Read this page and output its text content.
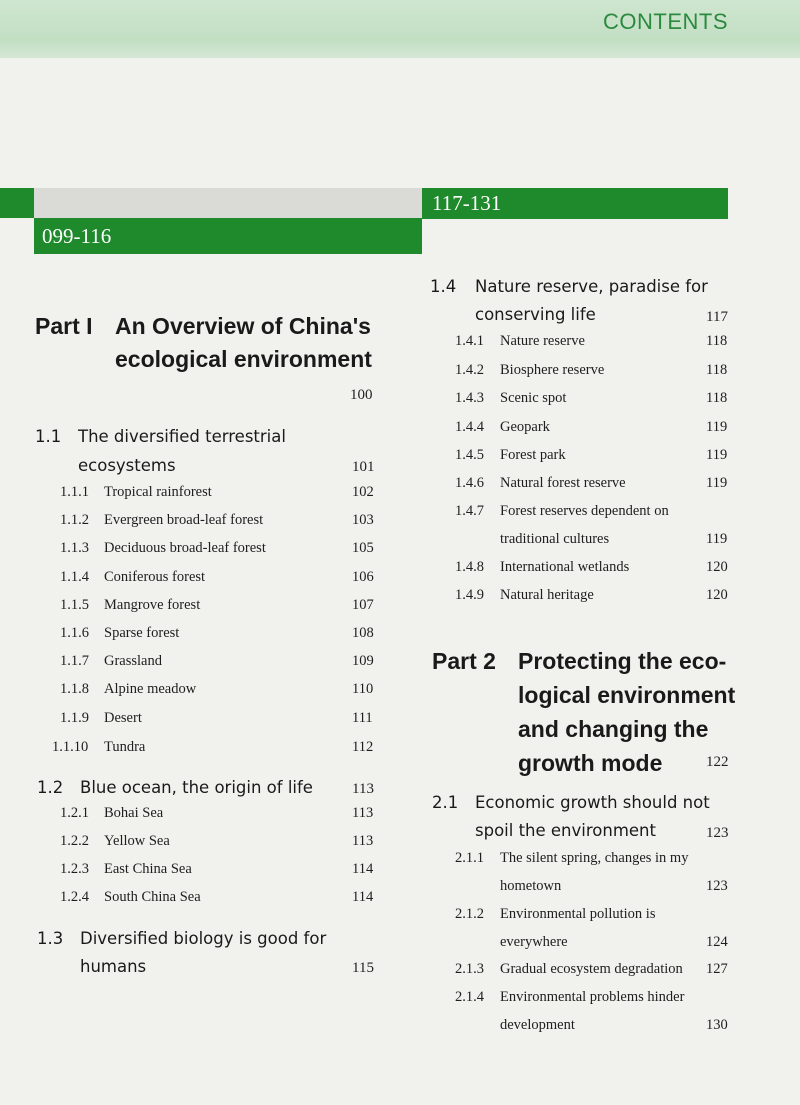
CONTENTS
099-116
117-131
Part I An Overview of China's
ecological environment
100
1.1 The diversified terrestrial
ecosystems	101
1.1.1 Tropical rainforest	102
1.1.2 Evergreen broad-leaf forest	103
1.1.3 Deciduous broad-leaf forest	105
1.1.4 Coniferous forest	106
1.1.5 Mangrove forest	107
1.1.6 Sparse forest	108
1.1.7 Grassland	109
1.1.8 Alpine meadow	110
1.1.9 Desert	111
1.1.10 Tundra	112
1.2 Blue ocean, the origin of life	113
1.2.1 Bohai Sea	113
1.2.2 Yellow Sea	113
1.2.3 East China Sea	114
1.2.4 South China Sea	114
1.3 Diversified biology is good for
humans	115
1.4 Nature reserve, paradise for
conserving life	117
1.4.1 Nature reserve	118
1.4.2 Biosphere reserve	118
1.4.3 Scenic spot	118
1.4.4 Geopark	119
1.4.5 Forest park	119
1.4.6 Natural forest reserve	119
1.4.7 Forest reserves dependent on
traditional cultures	119
1.4.8 International wetlands	120
1.4.9 Natural heritage	120
Part 2 Protecting the eco-
logical environment
and changing the
growth mode	122
2.1 Economic growth should not
spoil the environment	123
2.1.1 The silent spring, changes in my
hometown	123
2.1.2 Environmental pollution is
everywhere	124
2.1.3 Gradual ecosystem degradation 127
2.1.4 Environmental problems hinder
development	130
